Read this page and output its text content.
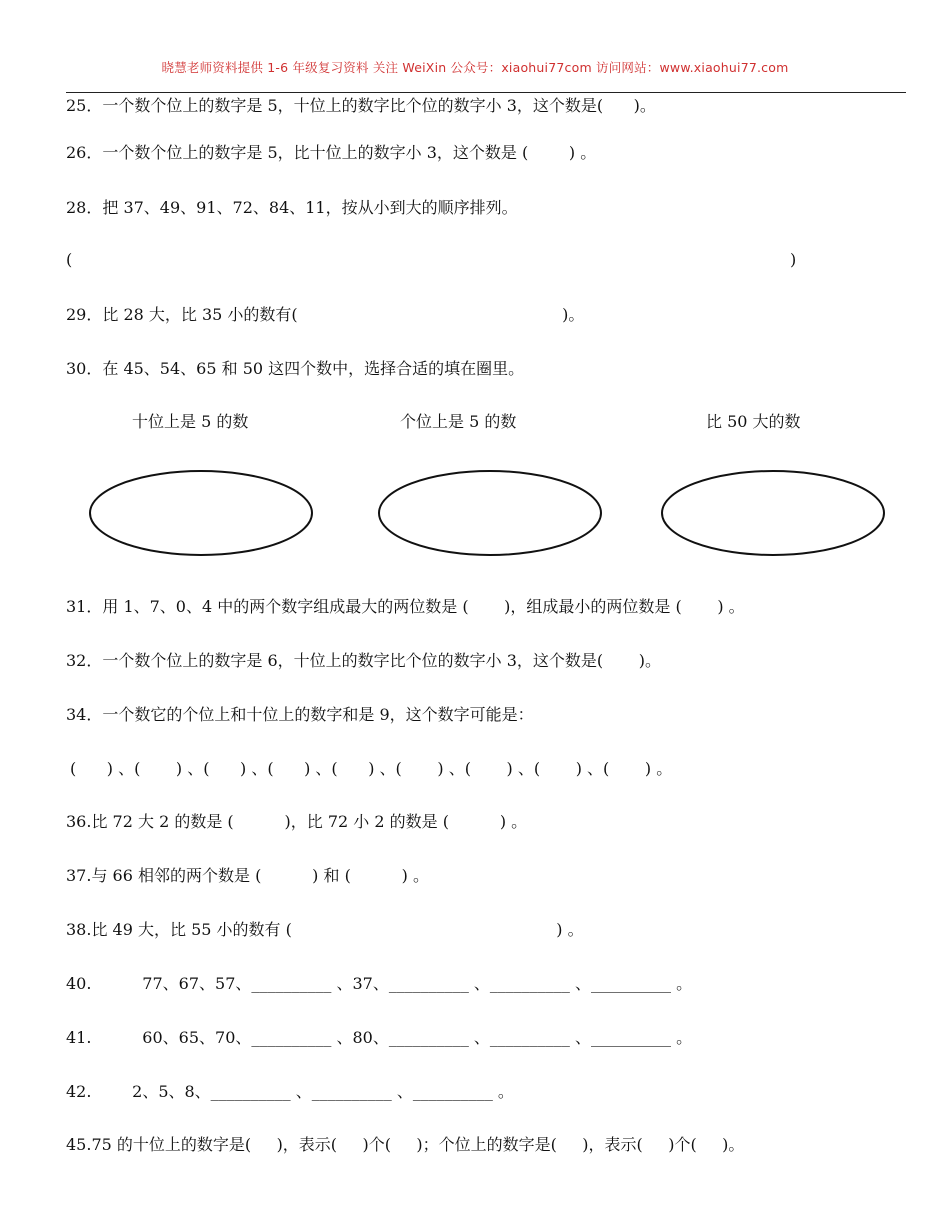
晓慧老师资料提供 1-6 年级复习资料 关注 WeiXin 公众号：xiaohui77com 访问网站：www.xiaohui77.com
25．一个数个位上的数字是 5，十位上的数字比个位的数字小 3，这个数是(      )。
26．一个数个位上的数字是 5，比十位上的数字小 3，这个数是 (        ) 。
28．把 37、49、91、72、84、11，按从小到大的顺序排列。
(	)
29．比 28 大，比 35 小的数有(                                                    )。
30．在 45、54、65 和 50 这四个数中，选择合适的填在圈里。
十位上是 5 的数	个位上是 5 的数	比 50 大的数
31．用 1、7、0、4 中的两个数字组成最大的两位数是 (       )，组成最小的两位数是 (       ) 。
32．一个数个位上的数字是 6，十位上的数字比个位的数字小 3，这个数是(       )。
34．一个数它的个位上和十位上的数字和是 9，这个数字可能是：
(      ) 、(       ) 、(      ) 、(      ) 、(      ) 、(       ) 、(       ) 、(       ) 、(       ) 。
36.比 72 大 2 的数是 (          )，比 72 小 2 的数是 (          ) 。
37.与 66 相邻的两个数是 (          ) 和 (          ) 。
38.比 49 大，比 55 小的数有 (                                                    ) 。
40.          77、67、57、__________ 、37、__________ 、__________ 、__________ 。
41.          60、65、70、__________ 、80、__________ 、__________ 、__________ 。
42.        2、5、8、__________ 、__________ 、__________ 。
45.75 的十位上的数字是(     )，表示(     )个(     )；个位上的数字是(     )，表示(     )个(     )。
